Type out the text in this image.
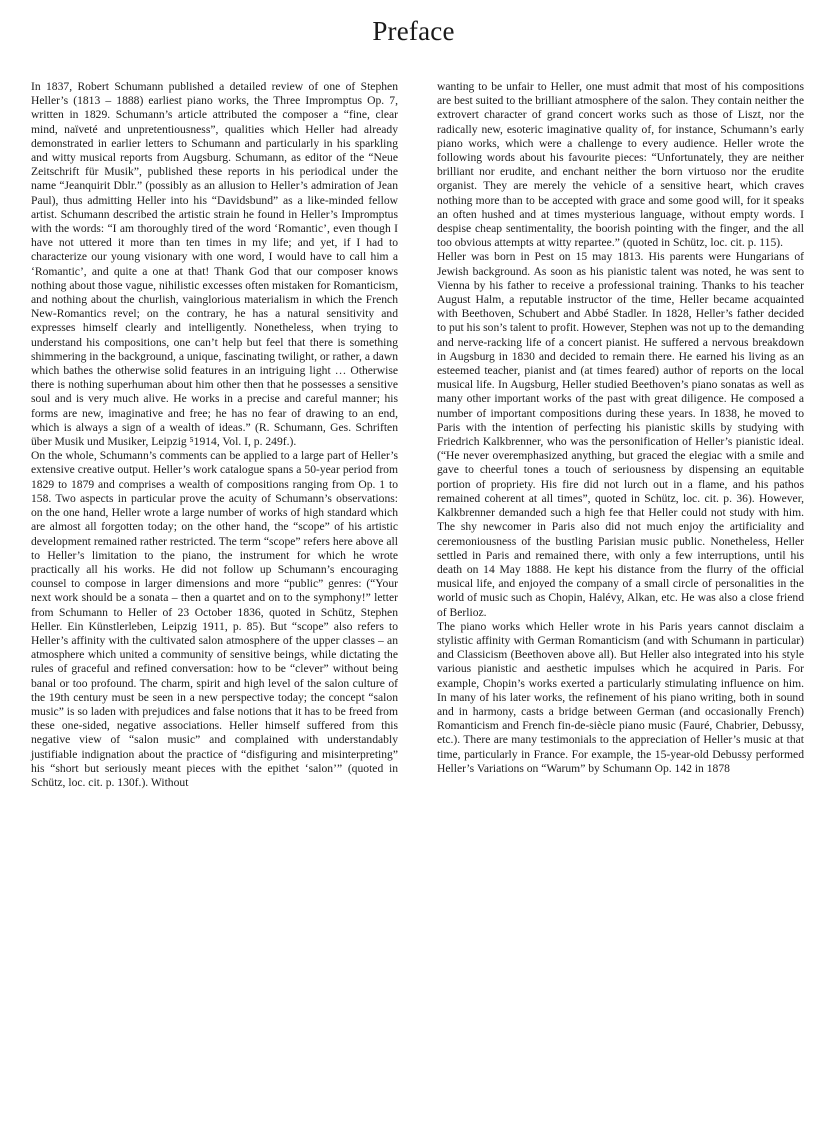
Preface

In 1837, Robert Schumann published a detailed review of one of Stephen Heller’s (1813 – 1888) earliest piano works, the Three Impromptus Op. 7, written in 1829. Schumann’s article attributed the composer a “fine, clear mind, naïveté and unpretentiousness”, qualities which Heller had already demonstrated in earlier letters to Schumann and particularly in his sparkling and witty musical reports from Augsburg. Schumann, as editor of the “Neue Zeitschrift für Musik”, published these reports in his periodical under the name “Jeanquirit Dblr.” (possibly as an allusion to Heller’s admiration of Jean Paul), thus admitting Heller into his “Davidsbund” as a like-minded fellow artist. Schumann described the artistic strain he found in Heller’s Impromptus with the words: “I am thoroughly tired of the word ‘Romantic’, even though I have not uttered it more than ten times in my life; and yet, if I had to characterize our young visionary with one word, I would have to call him a ‘Romantic’, and quite a one at that! Thank God that our composer knows nothing about those vague, nihilistic excesses often mistaken for Romanticism, and nothing about the churlish, vainglorious materialism in which the French New-Romantics revel; on the contrary, he has a natural sensitivity and expresses himself clearly and intelligently. Nonetheless, when trying to understand his compositions, one can’t help but feel that there is something shimmering in the background, a unique, fascinating twilight, or rather, a dawn which bathes the otherwise solid features in an intriguing light … Otherwise there is nothing superhuman about him other then that he possesses a sensitive soul and is very much alive. He works in a precise and careful manner; his forms are new, imaginative and free; he has no fear of drawing to an end, which is always a sign of a wealth of ideas.” (R. Schumann, Ges. Schriften über Musik und Musiker, Leipzig ⁵1914, Vol. I, p. 249f.).

On the whole, Schumann’s comments can be applied to a large part of Heller’s extensive creative output. Heller’s work catalogue spans a 50-year period from 1829 to 1879 and comprises a wealth of compositions ranging from Op. 1 to 158. Two aspects in particular prove the acuity of Schumann’s observations: on the one hand, Heller wrote a large number of works of high standard which are almost all forgotten today; on the other hand, the “scope” of his artistic development remained rather restricted. The term “scope” refers here above all to Heller’s limitation to the piano, the instrument for which he wrote practically all his works. He did not follow up Schumann’s encouraging counsel to compose in larger dimensions and more “public” genres: (“Your next work should be a sonata – then a quartet and on to the symphony!” letter from Schumann to Heller of 23 October 1836, quoted in Schütz, Stephen Heller. Ein Künstlerleben, Leipzig 1911, p. 85). But “scope” also refers to Heller’s affinity with the cultivated salon atmosphere of the upper classes – an atmosphere which united a community of sensitive beings, while dictating the rules of graceful and refined conversation: how to be “clever” without being banal or too profound. The charm, spirit and high level of the salon culture of the 19th century must be seen in a new perspective today; the concept “salon music” is so laden with prejudices and false notions that it has to be freed from these one-sided, negative associations. Heller himself suffered from this negative view of “salon music” and complained with understandably justifiable indignation about the practice of “disfiguring and misinterpreting” his “short but seriously meant pieces with the epithet ‘salon’” (quoted in Schütz, loc. cit. p. 130f.). Without

wanting to be unfair to Heller, one must admit that most of his compositions are best suited to the brilliant atmosphere of the salon. They contain neither the extrovert character of grand concert works such as those of Liszt, nor the radically new, esoteric imaginative quality of, for instance, Schumann’s early piano works, which were a challenge to every audience. Heller wrote the following words about his favourite pieces: “Unfortunately, they are neither brilliant nor erudite, and enchant neither the born virtuoso nor the erudite organist. They are merely the vehicle of a sensitive heart, which craves nothing more than to be accepted with grace and some good will, for it speaks an often hushed and at times mysterious language, without empty words. I despise cheap sentimentality, the boorish pointing with the finger, and the all too obvious attempts at witty repartee.” (quoted in Schütz, loc. cit. p. 115).

Heller was born in Pest on 15 may 1813. His parents were Hungarians of Jewish background. As soon as his pianistic talent was noted, he was sent to Vienna by his father to receive a professional training. Thanks to his teacher August Halm, a reputable instructor of the time, Heller became acquainted with Beethoven, Schubert and Abbé Stadler. In 1828, Heller’s father decided to put his son’s talent to profit. However, Stephen was not up to the demanding and nerve-racking life of a concert pianist. He suffered a nervous breakdown in Augsburg in 1830 and decided to remain there. He earned his living as an esteemed teacher, pianist and (at times feared) author of reports on the local musical life. In Augsburg, Heller studied Beethoven’s piano sonatas as well as many other important works of the past with great diligence. He composed a number of important compositions during these years. In 1838, he moved to Paris with the intention of perfecting his pianistic skills by studying with Friedrich Kalkbrenner, who was the personification of Heller’s pianistic ideal. (“He never overemphasized anything, but graced the elegiac with a smile and gave to cheerful tones a touch of seriousness by dispensing an equitable portion of propriety. His fire did not lurch out in a flame, and his pathos remained coherent at all times”, quoted in Schütz, loc. cit. p. 36). However, Kalkbrenner demanded such a high fee that Heller could not study with him. The shy newcomer in Paris also did not much enjoy the artificiality and ceremoniousness of the bustling Parisian music public. Nonetheless, Heller settled in Paris and remained there, with only a few interruptions, until his death on 14 May 1888. He kept his distance from the flurry of the official musical life, and enjoyed the company of a small circle of personalities in the world of music such as Chopin, Halévy, Alkan, etc. He was also a close friend of Berlioz.

The piano works which Heller wrote in his Paris years cannot disclaim a stylistic affinity with German Romanticism (and with Schumann in particular) and Classicism (Beethoven above all). But Heller also integrated into his style various pianistic and aesthetic impulses which he acquired in Paris. For example, Chopin’s works exerted a particularly stimulating influence on him. In many of his later works, the refinement of his piano writing, both in sound and in harmony, casts a bridge between German (and occasionally French) Romanticism and French fin-de-siècle piano music (Fauré, Chabrier, Debussy, etc.). There are many testimonials to the appreciation of Heller’s music at that time, particularly in France. For example, the 15-year-old Debussy performed Heller’s Variations on “Warum” by Schumann Op. 142 in 1878
